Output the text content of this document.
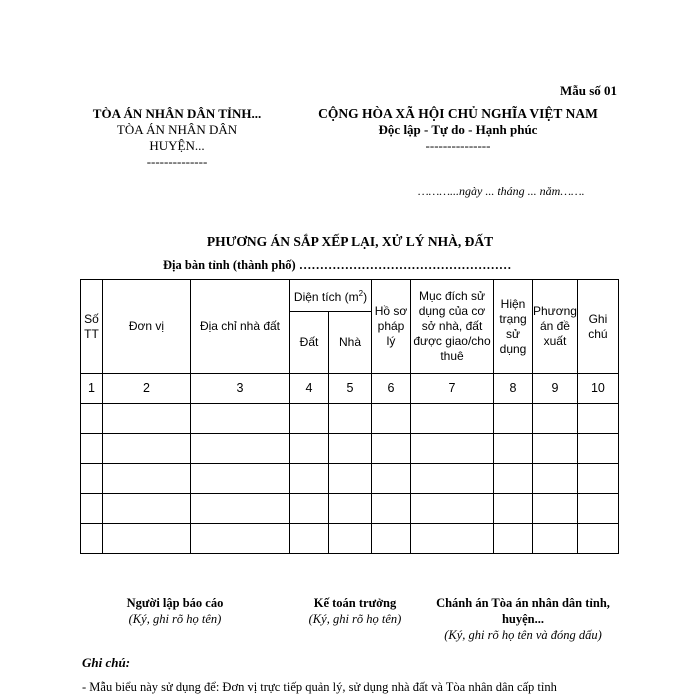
Mẫu số 01
TÒA ÁN NHÂN DÂN TỈNH...
TÒA ÁN NHÂN DÂN
HUYỆN...
--------------
CỘNG HÒA XÃ HỘI CHỦ NGHĨA VIỆT NAM
Độc lập - Tự do - Hạnh phúc
---------------
………...ngày ... tháng ... năm…….
PHƯƠNG ÁN SẮP XẾP LẠI, XỬ LÝ NHÀ, ĐẤT
Địa bàn tỉnh (thành phố) ……………………………………………
Số TT	Đơn vị	Địa chỉ nhà đất	Diện tích $(m^2)$		Hồ sơ pháp lý	Mục đích sử dụng của cơ sở nhà, đất được giao/cho thuê	Hiện trạng sử dụng	Phương án đề xuất	Ghi chú
			Đất	Nhà					
1	2	3	4	5	6	7	8	9	10

Người lập báo cáo
(Ký, ghi rõ họ tên)
Kế toán trưởng
(Ký, ghi rõ họ tên)
Chánh án Tòa án nhân dân tỉnh,
huyện...
(Ký, ghi rõ họ tên và đóng dấu)
Ghi chú:
- Mẫu biểu này sử dụng để: Đơn vị trực tiếp quản lý, sử dụng nhà đất và Tòa nhân dân cấp tỉnh
